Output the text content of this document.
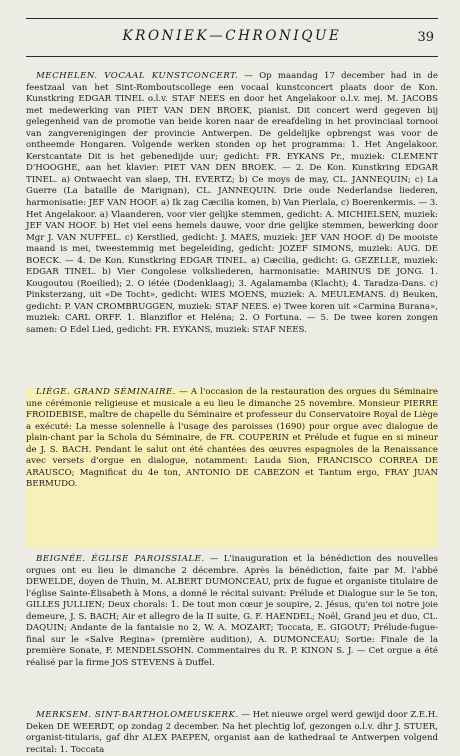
KRONIEK—CHRONIQUE	39

MECHELEN. VOCAAL KUNSTCONCERT. — Op maandag 17 december had in de feestzaal van het Sint-Romboutscollege een vocaal kunstconcert plaats door de Kon. Kunstkring EDGAR TINEL o.l.v. STAF NEES en door het Angelakoor o.l.v. mej. M. JACOBS met medewerking van PIET VAN DEN BROEK, pianist. Dit concert werd gegeven bij gelegenheid van de promotie van beide koren naar de ereafdeling in het provinciaal tornooi van zangverenigingen der provincie Antwerpen. De geldelijke opbrengst was voor de ontheemde Hongaren. Volgende werken stonden op het programma: 1. Het Angelakoor. Kerstcantate Dit is het gebenedijde uur; gedicht: FR. EYKANS Pr., muziek: CLEMENT D'HOOGHE, aan het klavier: PIET VAN DEN BROEK. — 2. De Kon. Kunstkring EDGAR TINEL. a) Ontwaecht van slaep, TH. EVERTZ; b) Ce moys de may, CL. JANNEQUIN; c) La Guerre (La bataille de Marignan), CL. JANNEQUIN. Drie oude Nederlandse liederen, harmonisatie: JEF VAN HOOF. a) Ik zag Cæcilia komen, b) Van Pierlala, c) Boerenkermis. — 3. Het Angelakoor. a) Vlaanderen, voor vier gelijke stemmen, gedicht: A. MICHIELSEN, muziek: JEF VAN HOOF. b) Het viel eens hemels dauwe, voor drie gelijke stemmen, bewerking door Mgr J. VAN NUFFEL. c) Kerstlied, gedicht: J. MAES, muziek: JEF VAN HOOF. d) De mooiste maand is mei, tweestemmig met begeleiding, gedicht: JOZEF SIMONS, muziek: AUG. DE BOECK. — 4. De Kon. Kunstkring EDGAR TINEL. a) Cæcilia, gedicht: G. GEZELLE, muziek: EDGAR TINEL. b) Vier Congolese volksliederen, harmonisatie: MARINUS DE JONG. 1. Kougoutou (Roeilied); 2. O iétée (Dodenklaag); 3. Agalamamba (Klacht); 4. Taradza-Dans. c) Pinksterzang, uit «De Tocht», gedicht: WIES MOENS, muziek: A. MEULEMANS. d) Beuken, gedicht: P. VAN CROMBRUGGEN, muziek: STAF NEES. e) Twee koren uit «Carmina Burana», muziek: CARL ORFF. 1. Blanziflor et Heléna; 2. O Fortuna. — 5. De twee koren zongen samen: O Edel Lied, gedicht: FR. EYKANS, muziek: STAF NEES.

LIÈGE. GRAND SÉMINAIRE. — A l'occasion de la restauration des orgues du Séminaire une cérémonie religieuse et musicale a eu lieu le dimanche 25 novembre. Monsieur PIERRE FROIDEBISE, maître de chapelle du Séminaire et professeur du Conservatoire Royal de Liège a exécuté: La messe solennelle à l'usage des paroisses (1690) pour orgue avec dialogue de plain-chant par la Schola du Séminaire, de FR. COUPERIN et Prélude et fugue en si mineur de J. S. BACH. Pendant le salut ont été chantées des œuvres espagnoles de la Renaissance avec versets d'orgue en dialogue, notamment: Lauda Sion, FRANCISCO CORREA DE ARAUSCO; Magnificat du 4e ton, ANTONIO DE CABEZON et Tantum ergo, FRAY JUAN BERMUDO.

BEIGNÉE. ÉGLISE PAROISSIALE. — L'inauguration et la bénédiction des nouvelles orgues ont eu lieu le dimanche 2 décembre. Après la bénédiction, faite par M. l'abbé DEWELDE, doyen de Thuin, M. ALBERT DUMONCEAU, prix de fugue et organiste titulaire de l'église Sainte-Élisabeth à Mons, a donné le récital suivant: Prélude et Dialogue sur le 5e ton, GILLES JULLIEN; Deux chorals: 1. De tout mon cœur je soupire, 2. Jésus, qu'en toi notre joie demeure, J. S. BACH; Air et allegro de la II suite, G. F. HAENDEL; Noël, Grand jeu et duo, CL. DAQUIN; Andante de la fantaisie no 2, W. A. MOZART; Toccata, E. GIGOUT; Prélude-fugue-final sur le «Salve Regina» (première audition), A. DUMONCEAU; Sortie: Finale de la première Sonate, F. MENDELSSOHN. Commentaires du R. P. KINON S. J. — Cet orgue a été réalisé par la firme JOS STEVENS à Duffel.

MERKSEM. SINT-BARTHOLOMEUSKERK. — Het nieuwe orgel werd gewijd door Z.E.H. Deken DE WEERDT, op zondag 2 december. Na het plechtig lof, gezongen o.l.v. dhr J. STUER, organist-titularis, gaf dhr ALEX PAEPEN, organist aan de kathedraal te Antwerpen volgend recital: 1. Toccata
